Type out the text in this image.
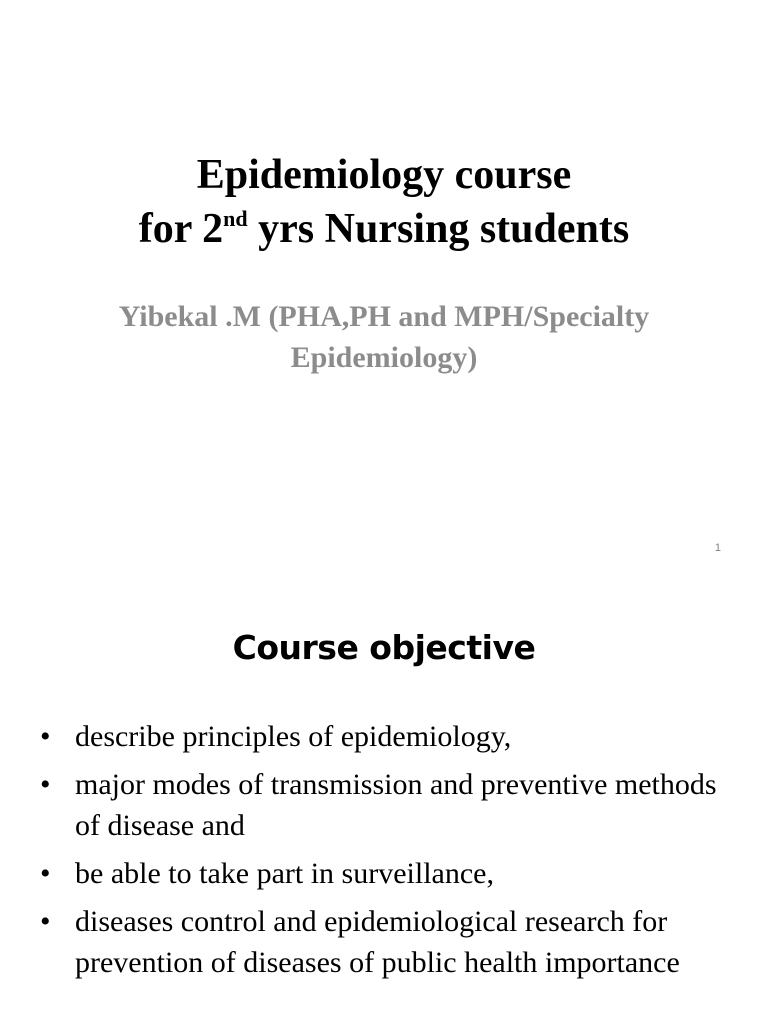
Epidemiology course
for 2nd yrs Nursing students
Yibekal .M (PHA,PH and MPH/Specialty
Epidemiology)
1
Course objective
• describe principles of epidemiology,
• major modes of transmission and preventive methods of disease and
• be able to take part in surveillance,
• diseases control and epidemiological research for prevention of diseases of public health importance
